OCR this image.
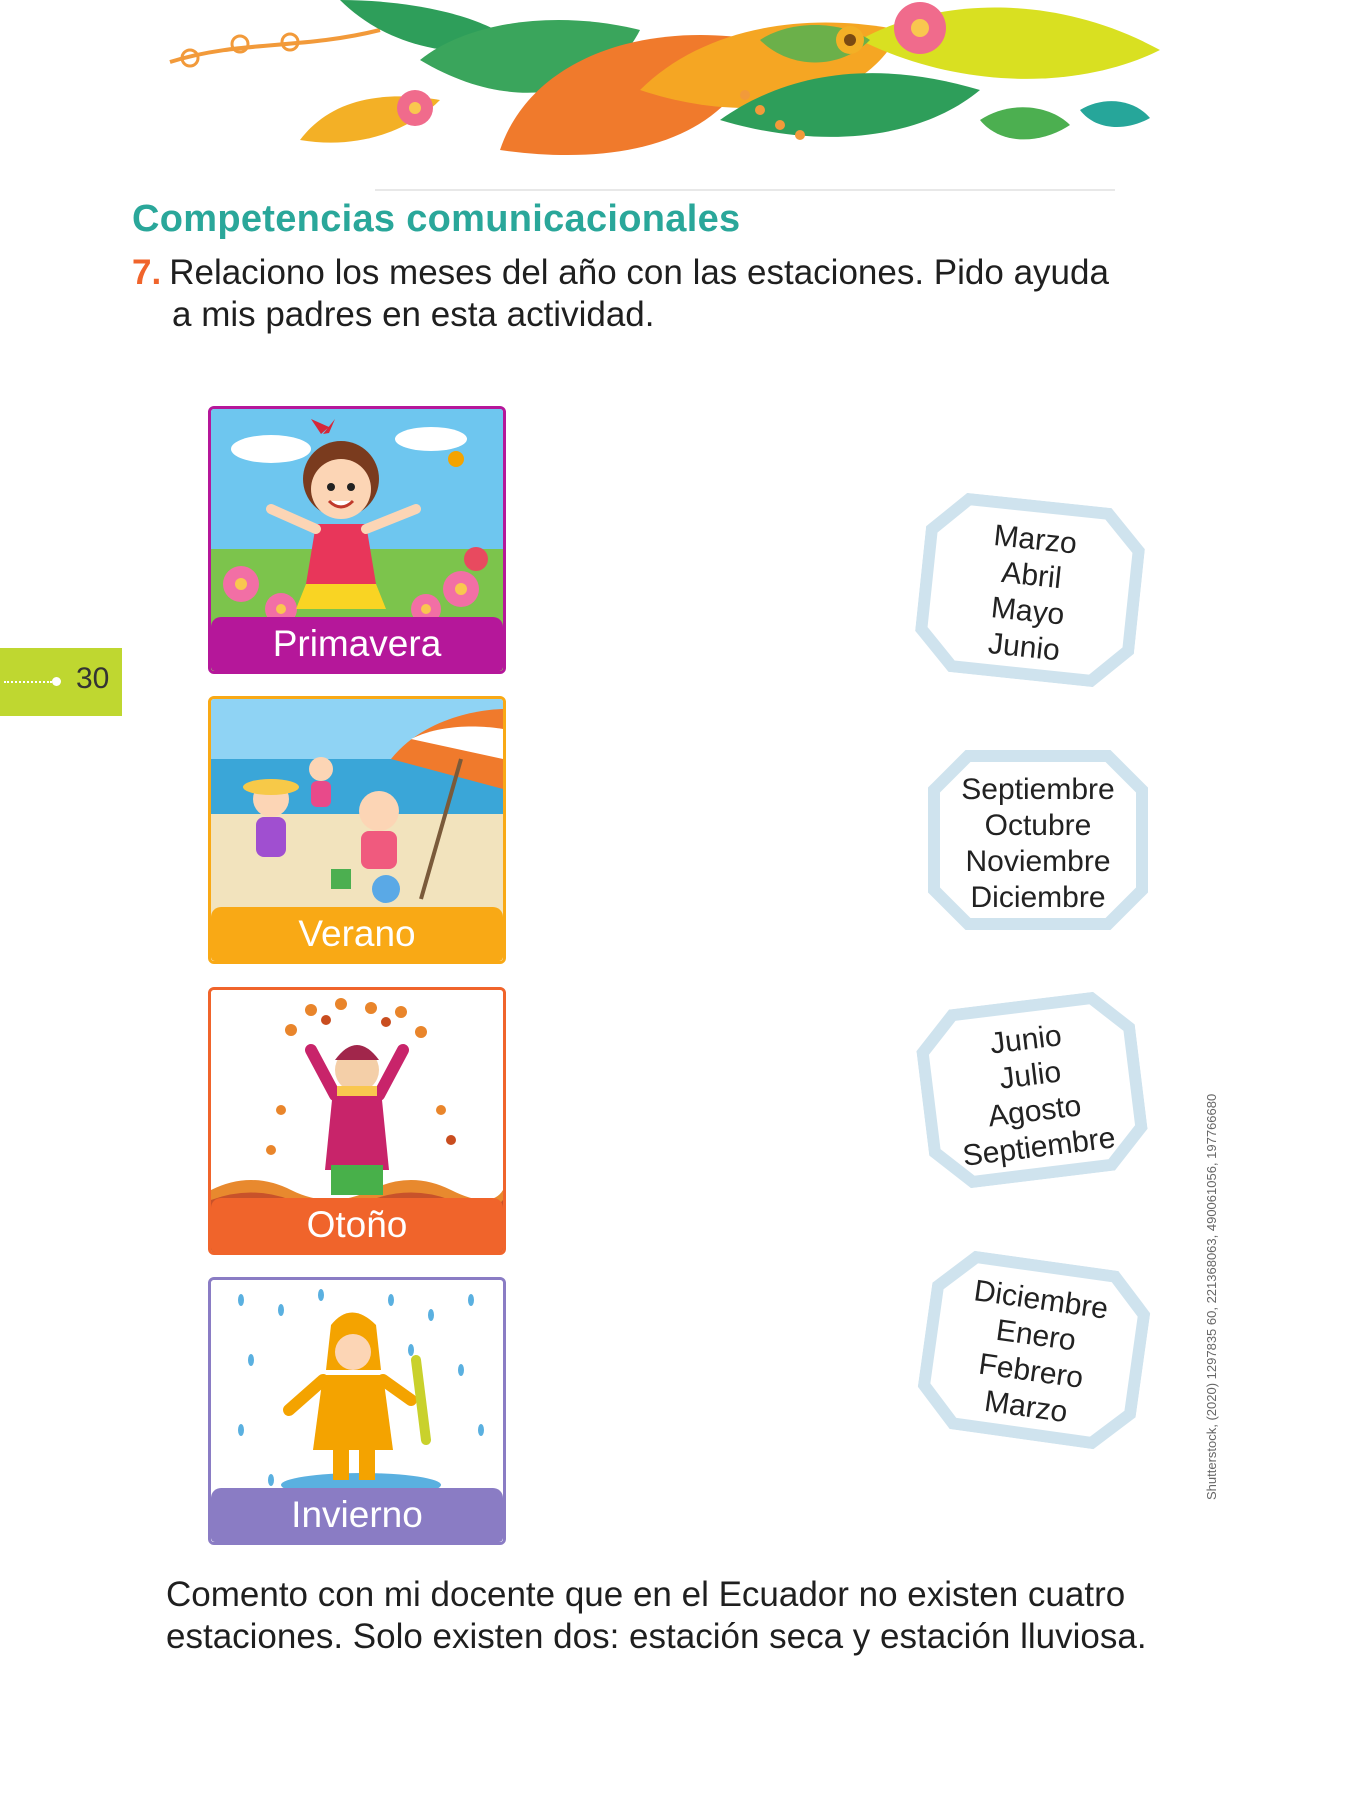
Competencias comunicacionales
7. Relaciono los meses del año con las estaciones. Pido ayuda
a mis padres en esta actividad.
30
Primavera
Verano
Otoño
Invierno
Marzo
Abril
Mayo
Junio
Septiembre
Octubre
Noviembre
Diciembre
Junio
Julio
Agosto
Septiembre
Diciembre
Enero
Febrero
Marzo	Shutterstock, (2020) 1297835 60, 221368063, 490061056, 197766680
Comento con mi docente que en el Ecuador no existen cuatro estaciones. Solo existen dos: estación seca y estación lluviosa.
